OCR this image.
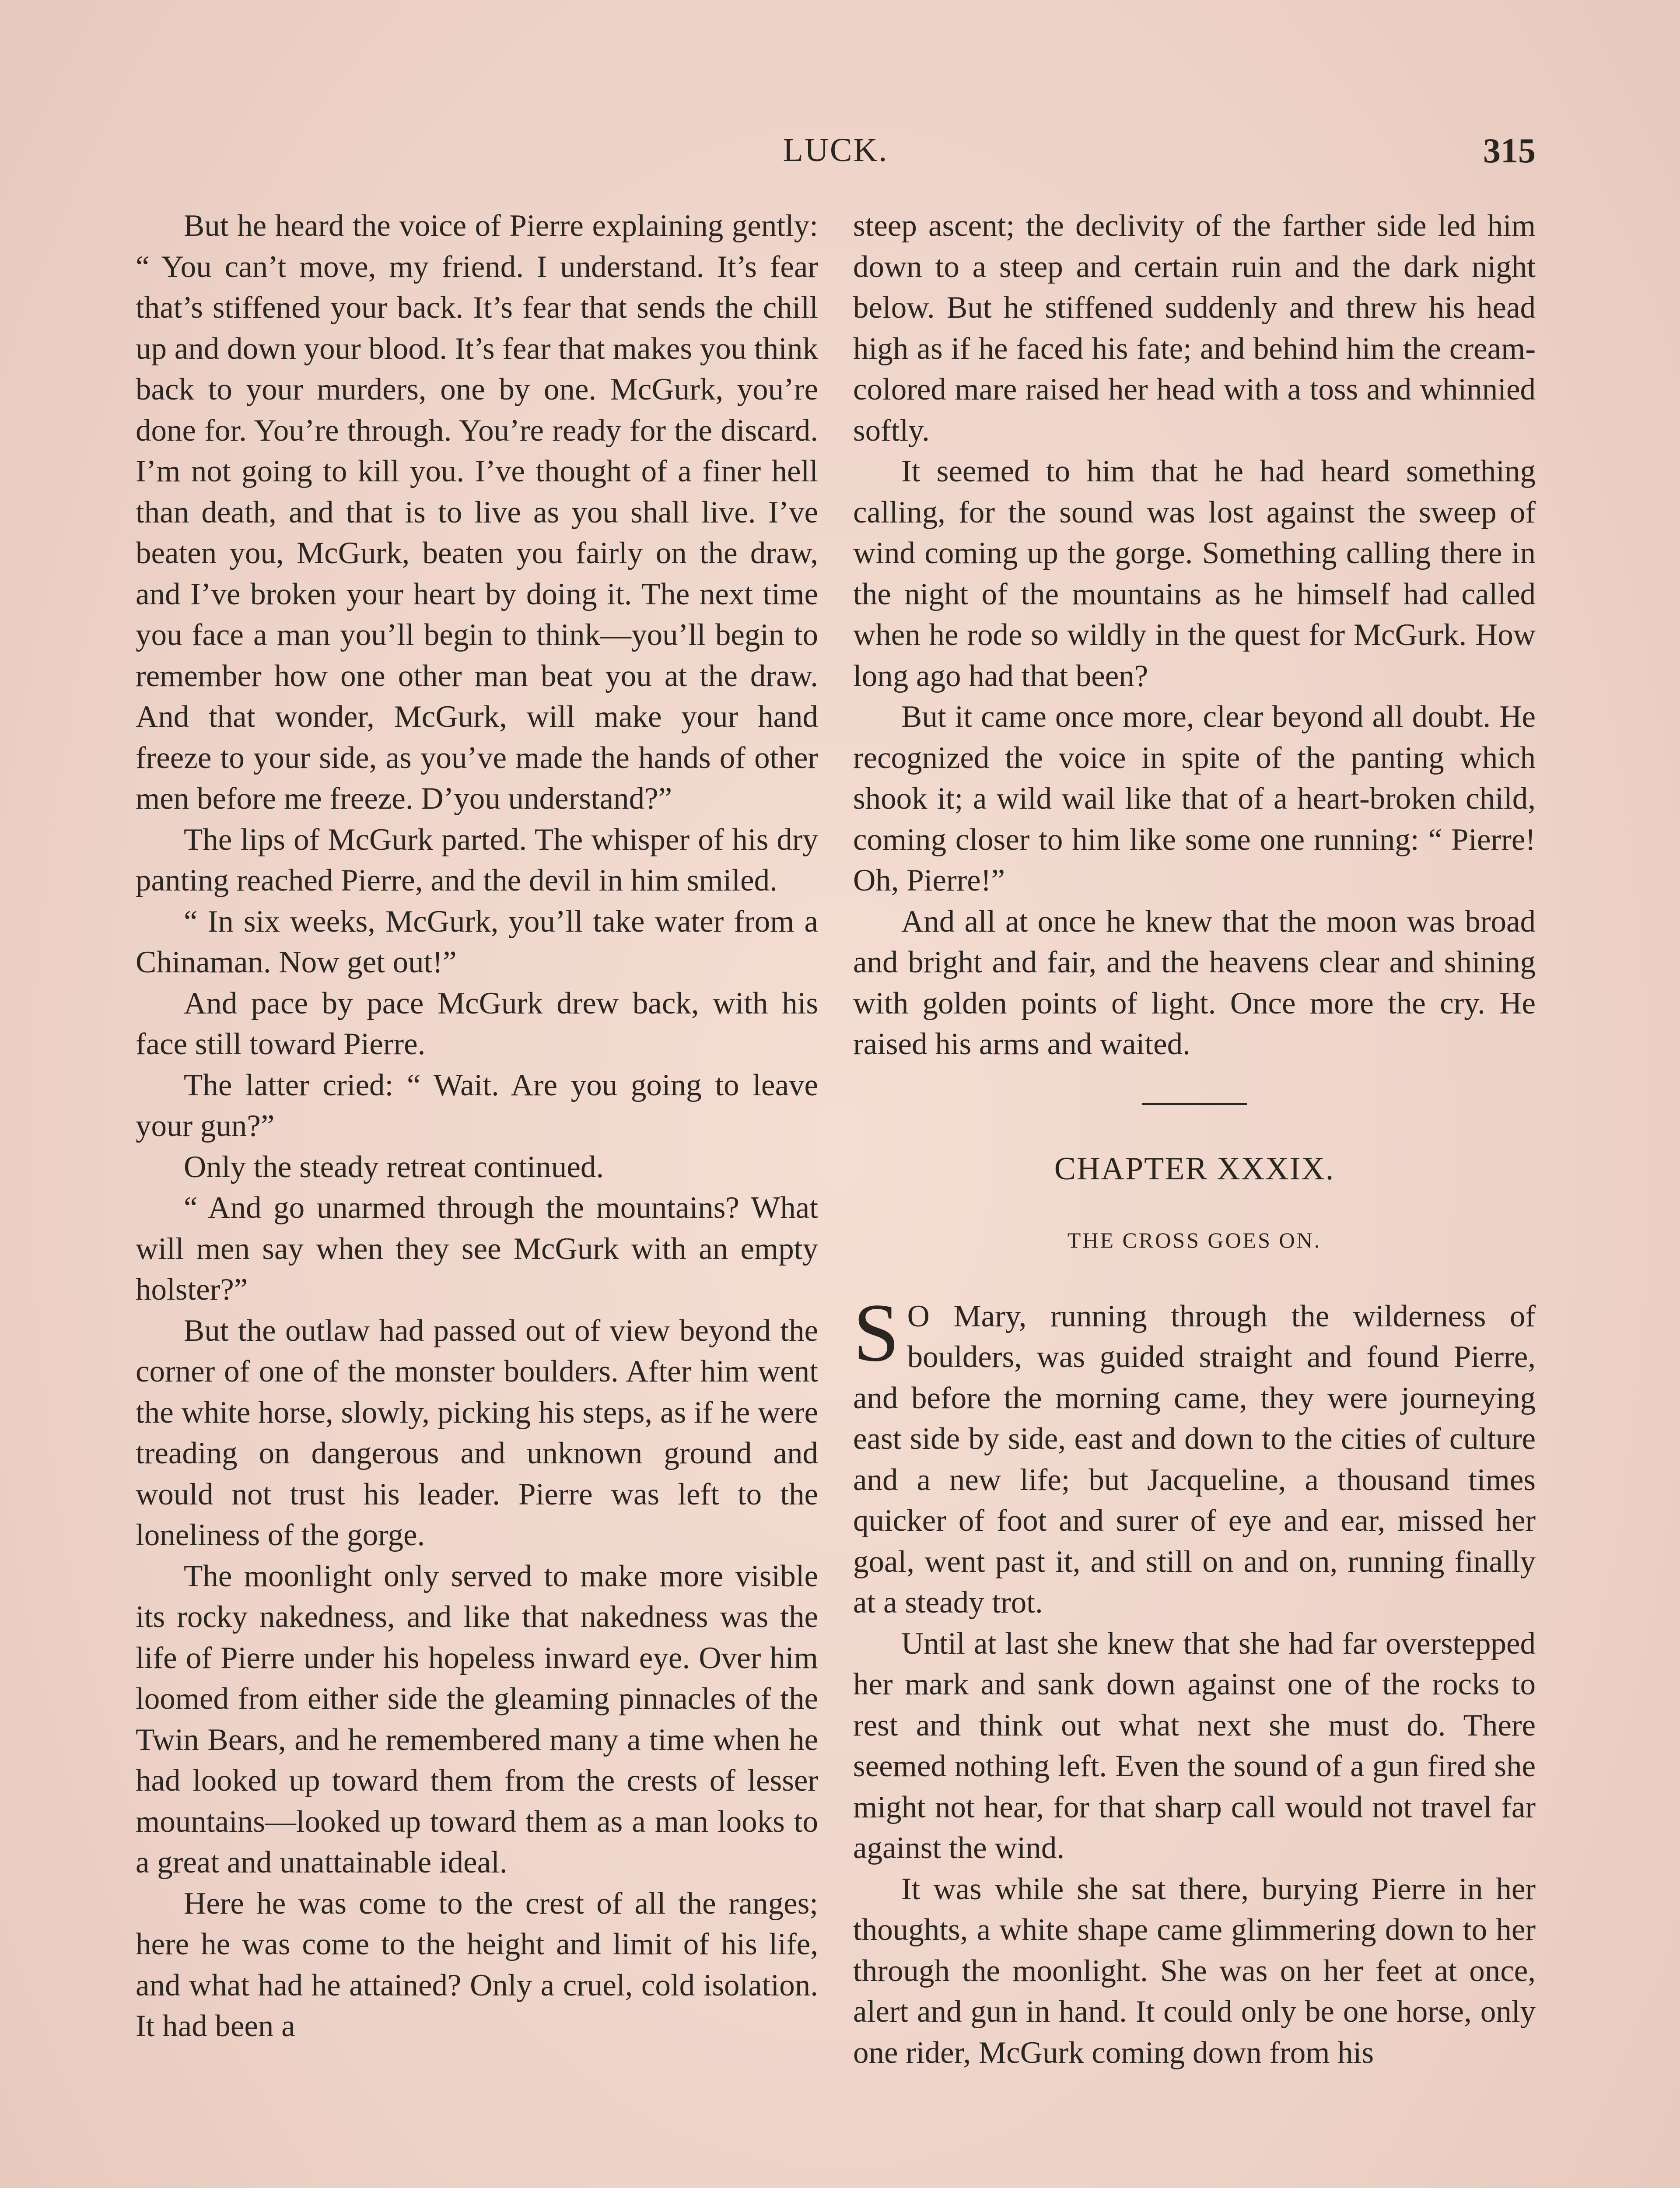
LUCK.	315

But he heard the voice of Pierre explaining gently: “ You can’t move, my friend. I understand. It’s fear that’s stiffened your back. It’s fear that sends the chill up and down your blood. It’s fear that makes you think back to your murders, one by one. McGurk, you’re done for. You’re through. You’re ready for the discard. I’m not going to kill you. I’ve thought of a finer hell than death, and that is to live as you shall live. I’ve beaten you, McGurk, beaten you fairly on the draw, and I’ve broken your heart by doing it. The next time you face a man you’ll begin to think—you’ll begin to remember how one other man beat you at the draw. And that wonder, McGurk, will make your hand freeze to your side, as you’ve made the hands of other men before me freeze. D’you understand?”

The lips of McGurk parted. The whisper of his dry panting reached Pierre, and the devil in him smiled.

“ In six weeks, McGurk, you’ll take water from a Chinaman. Now get out!”

And pace by pace McGurk drew back, with his face still toward Pierre.

The latter cried: “ Wait. Are you going to leave your gun?”

Only the steady retreat continued.

“ And go unarmed through the mountains? What will men say when they see McGurk with an empty holster?”

But the outlaw had passed out of view beyond the corner of one of the monster boulders. After him went the white horse, slowly, picking his steps, as if he were treading on dangerous and unknown ground and would not trust his leader. Pierre was left to the loneliness of the gorge.

The moonlight only served to make more visible its rocky nakedness, and like that nakedness was the life of Pierre under his hopeless inward eye. Over him loomed from either side the gleaming pinnacles of the Twin Bears, and he remembered many a time when he had looked up toward them from the crests of lesser mountains—looked up toward them as a man looks to a great and unattainable ideal.

Here he was come to the crest of all the ranges; here he was come to the height and limit of his life, and what had he attained? Only a cruel, cold isolation. It had been a

steep ascent; the declivity of the farther side led him down to a steep and certain ruin and the dark night below. But he stiffened suddenly and threw his head high as if he faced his fate; and behind him the cream-colored mare raised her head with a toss and whinnied softly.

It seemed to him that he had heard something calling, for the sound was lost against the sweep of wind coming up the gorge. Something calling there in the night of the mountains as he himself had called when he rode so wildly in the quest for McGurk. How long ago had that been?

But it came once more, clear beyond all doubt. He recognized the voice in spite of the panting which shook it; a wild wail like that of a heart-broken child, coming closer to him like some one running: “ Pierre! Oh, Pierre!”

And all at once he knew that the moon was broad and bright and fair, and the heavens clear and shining with golden points of light. Once more the cry. He raised his arms and waited.

CHAPTER XXXIX.
THE CROSS GOES ON.

S O Mary, running through the wilderness of boulders, was guided straight and found Pierre, and before the morning came, they were journeying east side by side, east and down to the cities of culture and a new life; but Jacqueline, a thousand times quicker of foot and surer of eye and ear, missed her goal, went past it, and still on and on, running finally at a steady trot.

Until at last she knew that she had far overstepped her mark and sank down against one of the rocks to rest and think out what next she must do. There seemed nothing left. Even the sound of a gun fired she might not hear, for that sharp call would not travel far against the wind.

It was while she sat there, burying Pierre in her thoughts, a white shape came glimmering down to her through the moonlight. She was on her feet at once, alert and gun in hand. It could only be one horse, only one rider, McGurk coming down from his
